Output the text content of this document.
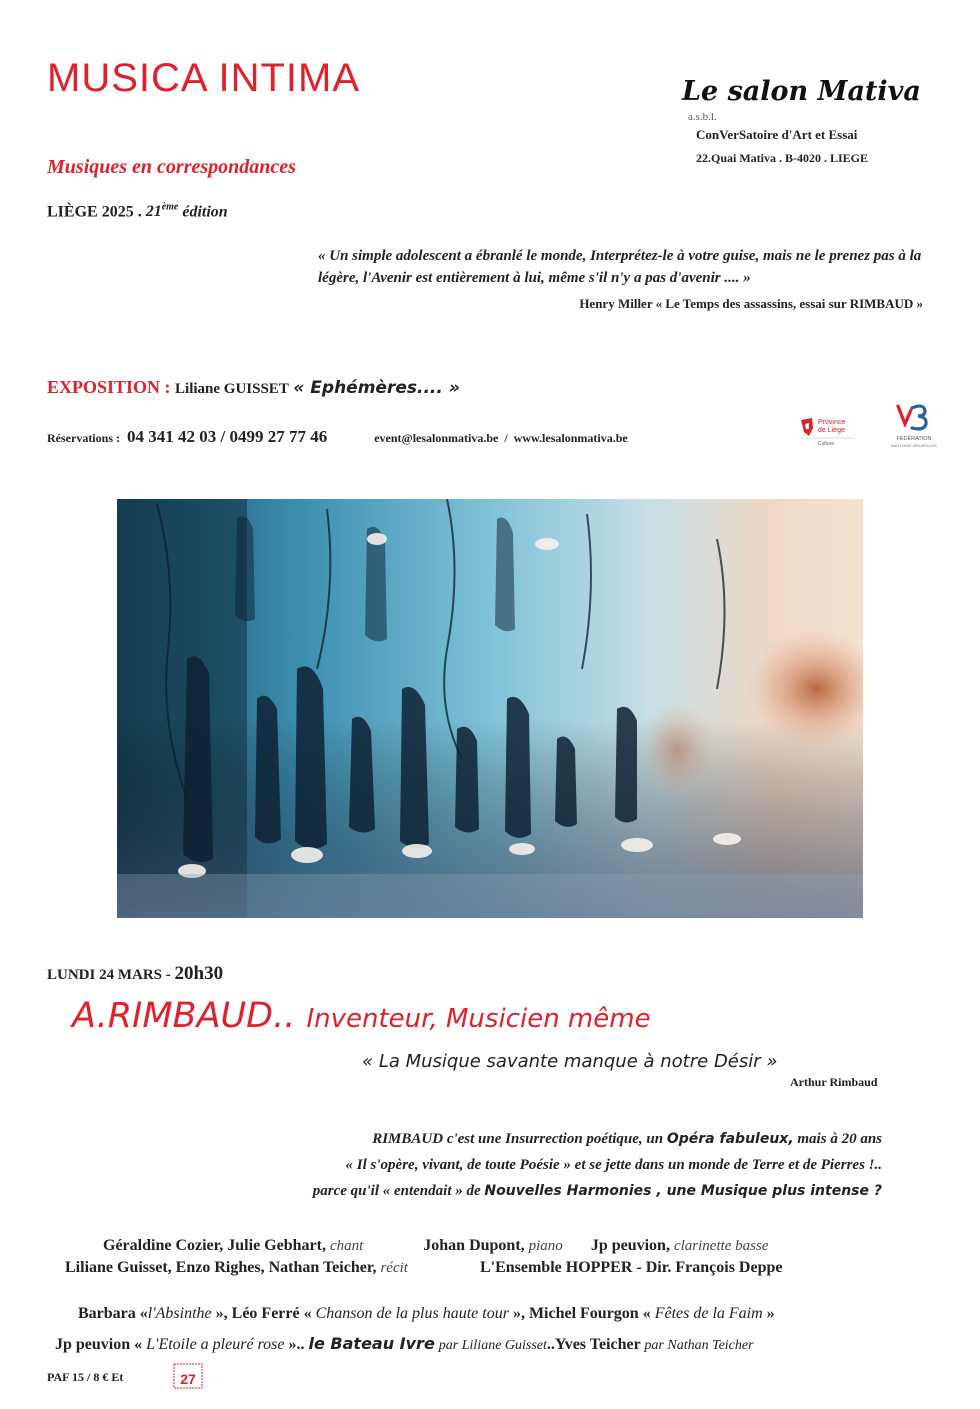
MUSICA INTIMA	Le salon Mativa a.s.b.l.
ConVerSatoire d'Art et Essai
22.Quai Mativa . B-4020 . LIEGE
Musiques en correspondances
LIÈGE 2025 . 21ème édition
« Un simple adolescent a ébranlé le monde, Interprétez-le à votre guise, mais ne le prenez pas à la légère, l'Avenir est entièrement à lui, même s'il n'y a pas d'avenir .... »
Henry Miller « Le Temps des assassins, essai sur RIMBAUD »
EXPOSITION : Liliane GUISSET « Ephémères.... »
Réservations : 04 341 42 03 / 0499 27 77 46	event@lesalonmativa.be / www.lesalonmativa.be
Province
de Liège
Culture
FÉDÉRATION
WALLONIE-BRUXELLES
LUNDI 24 MARS - 20h30
A.RIMBAUD.. Inventeur, Musicien même
« La Musique savante manque à notre Désir »
Arthur Rimbaud
RIMBAUD c'est une Insurrection poétique, un Opéra fabuleux, mais à 20 ans
« Il s'opère, vivant, de toute Poésie » et se jette dans un monde de Terre et de Pierres !..
parce qu'il « entendait » de Nouvelles Harmonies , une Musique plus intense ?
Géraldine Cozier, Julie Gebhart, chant	Johan Dupont, piano Jp peuvion, clarinette basse
Liliane Guisset, Enzo Righes, Nathan Teicher, récit	L'Ensemble HOPPER - Dir. François Deppe
Barbara «l'Absinthe », Léo Ferré « Chanson de la plus haute tour », Michel Fourgon « Fêtes de la Faim »
Jp peuvion « L'Etoile a pleuré rose ».. le Bateau Ivre par Liliane Guisset..Yves Teicher par Nathan Teicher
PAF 15 / 8 € Et	27
